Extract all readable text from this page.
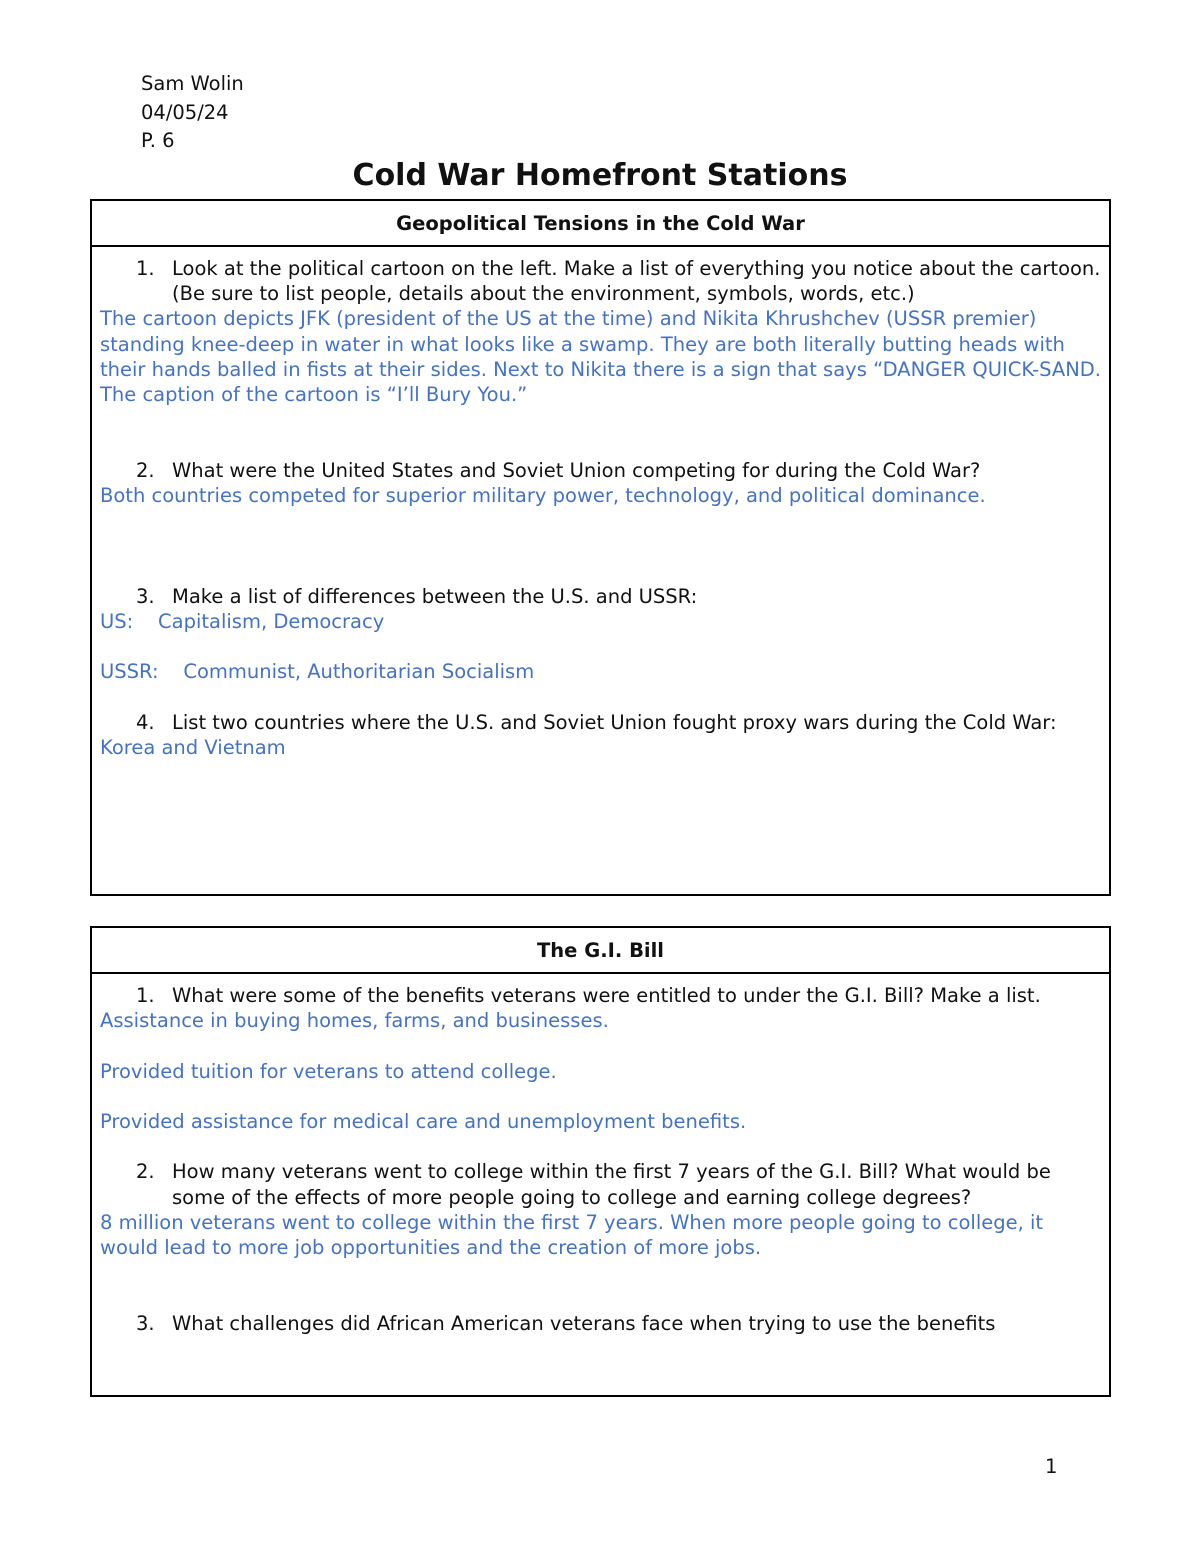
Sam Wolin
04/05/24
P. 6
Cold War Homefront Stations
Geopolitical Tensions in the Cold War
1. Look at the political cartoon on the left. Make a list of everything you notice about the cartoon. (Be sure to list people, details about the environment, symbols, words, etc.)
The cartoon depicts JFK (president of the US at the time) and Nikita Khrushchev (USSR premier) standing knee-deep in water in what looks like a swamp. They are both literally butting heads with their hands balled in fists at their sides. Next to Nikita there is a sign that says “DANGER QUICK-SAND. The caption of the cartoon is “I’ll Bury You.”
2. What were the United States and Soviet Union competing for during the Cold War?
Both countries competed for superior military power, technology, and political dominance.
3. Make a list of differences between the U.S. and USSR:
US:    Capitalism, Democracy
USSR:    Communist, Authoritarian Socialism
4. List two countries where the U.S. and Soviet Union fought proxy wars during the Cold War:
Korea and Vietnam
The G.I. Bill
1. What were some of the benefits veterans were entitled to under the G.I. Bill? Make a list.
Assistance in buying homes, farms, and businesses.
Provided tuition for veterans to attend college.
Provided assistance for medical care and unemployment benefits.
2. How many veterans went to college within the first 7 years of the G.I. Bill? What would be some of the effects of more people going to college and earning college degrees?
8 million veterans went to college within the first 7 years. When more people going to college, it would lead to more job opportunities and the creation of more jobs.
3. What challenges did African American veterans face when trying to use the benefits
1
